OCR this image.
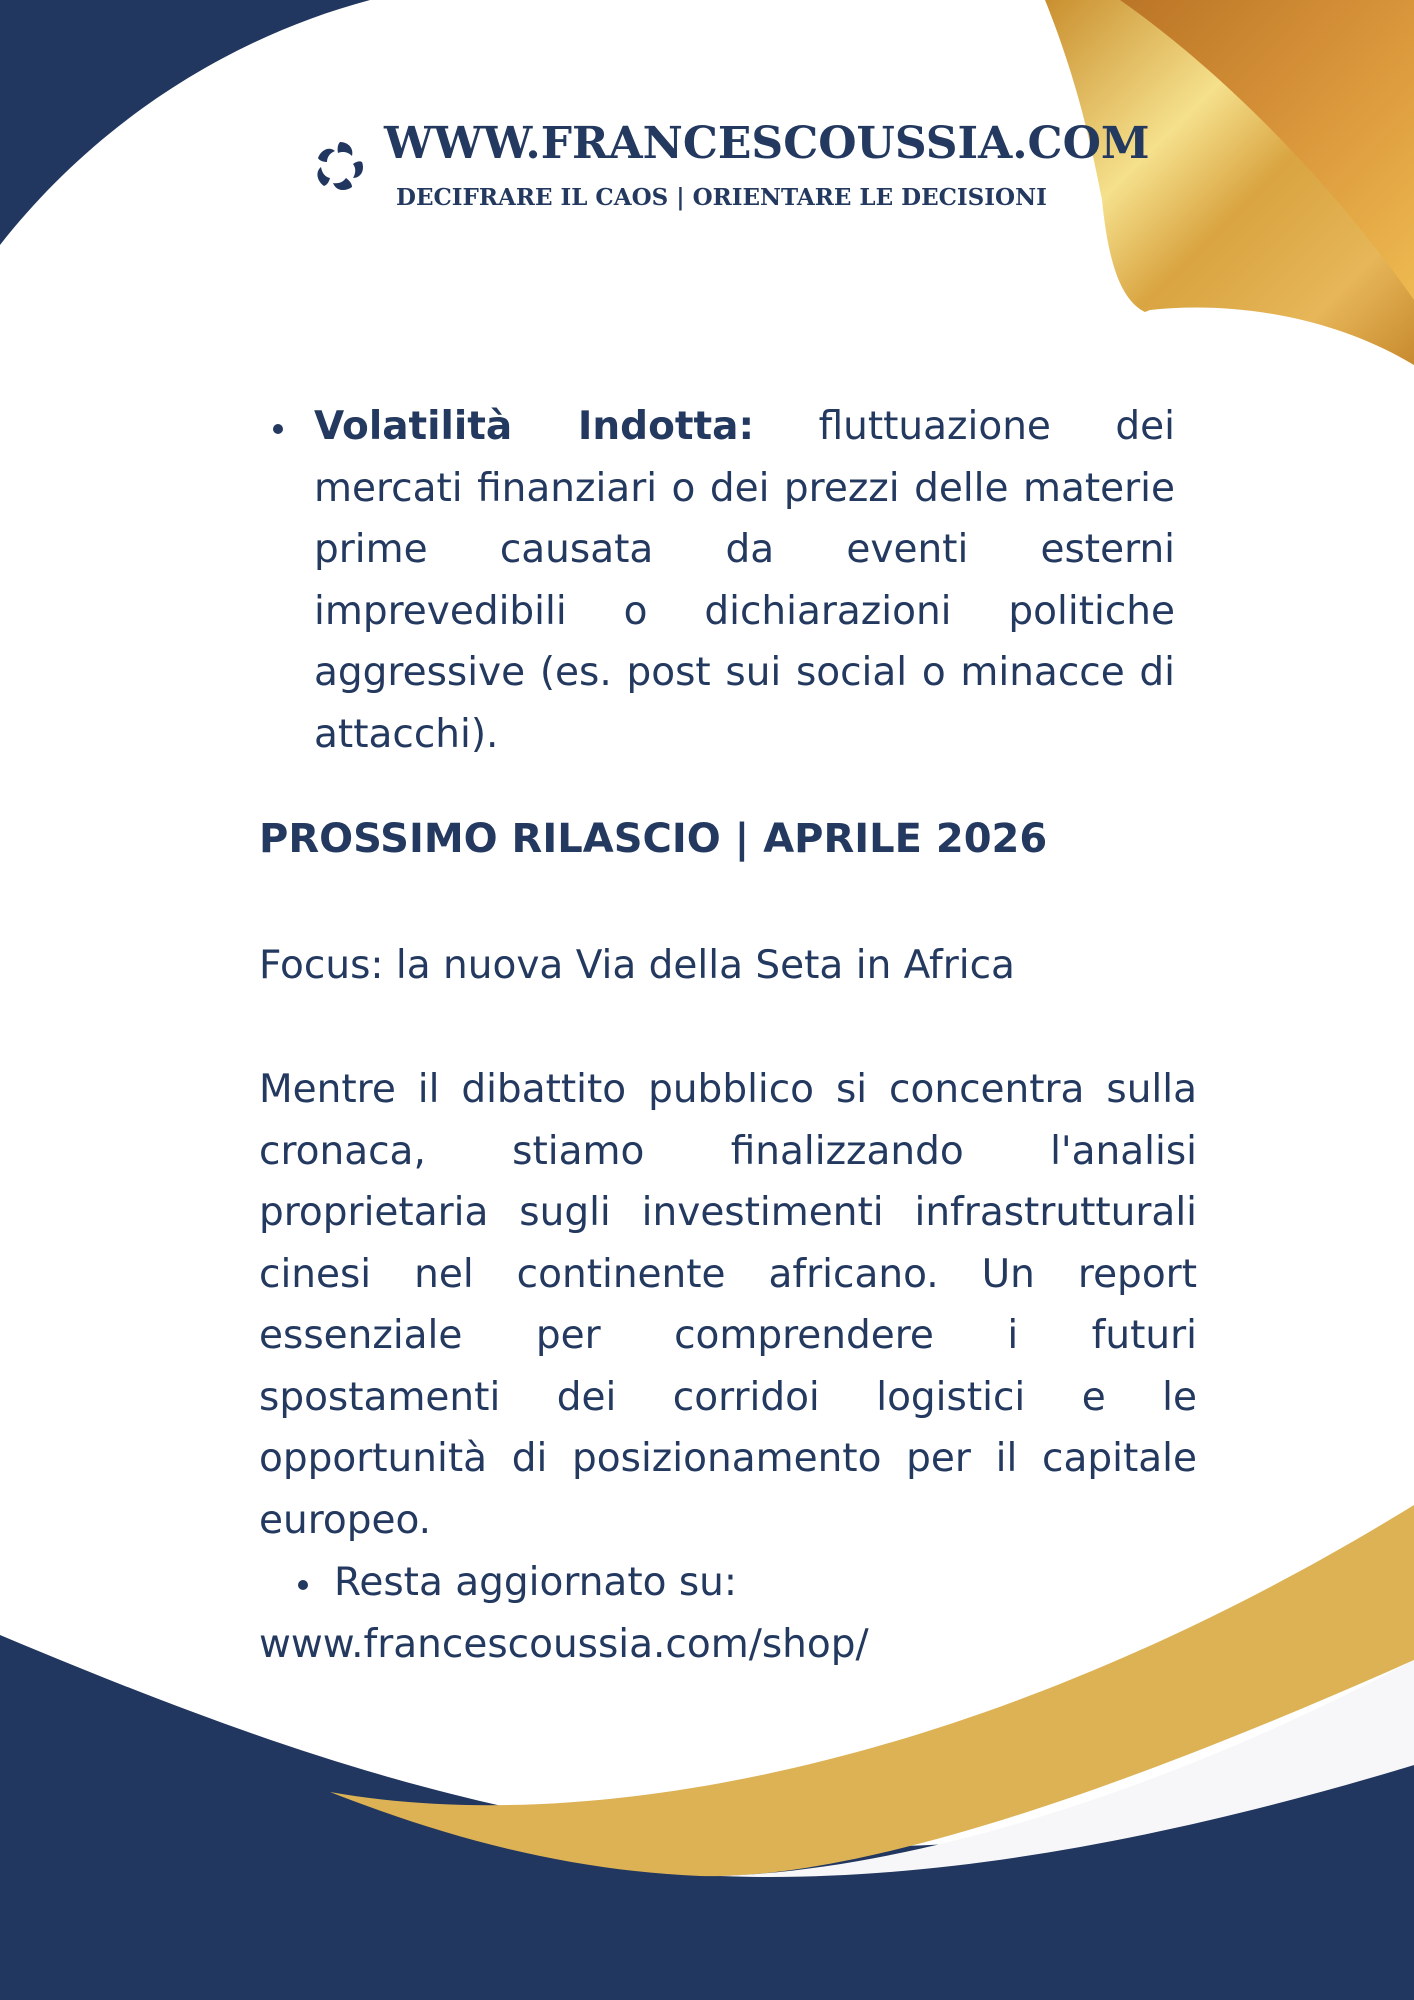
WWW.FRANCESCOUSSIA.COM
DECIFRARE IL CAOS | ORIENTARE LE DECISIONI

Volatilità Indotta: fluttuazione dei mercati finanziari o dei prezzi delle materie prime causata da eventi esterni imprevedibili o dichiarazioni politiche aggressive (es. post sui social o minacce di attacchi).

PROSSIMO RILASCIO | APRILE 2026

Focus: la nuova Via della Seta in Africa

Mentre il dibattito pubblico si concentra sulla cronaca, stiamo finalizzando l'analisi proprietaria sugli investimenti infrastrutturali cinesi nel continente africano. Un report essenziale per comprendere i futuri spostamenti dei corridoi logistici e le opportunità di posizionamento per il capitale europeo.

Resta aggiornato su:

www.francescoussia.com/shop/
